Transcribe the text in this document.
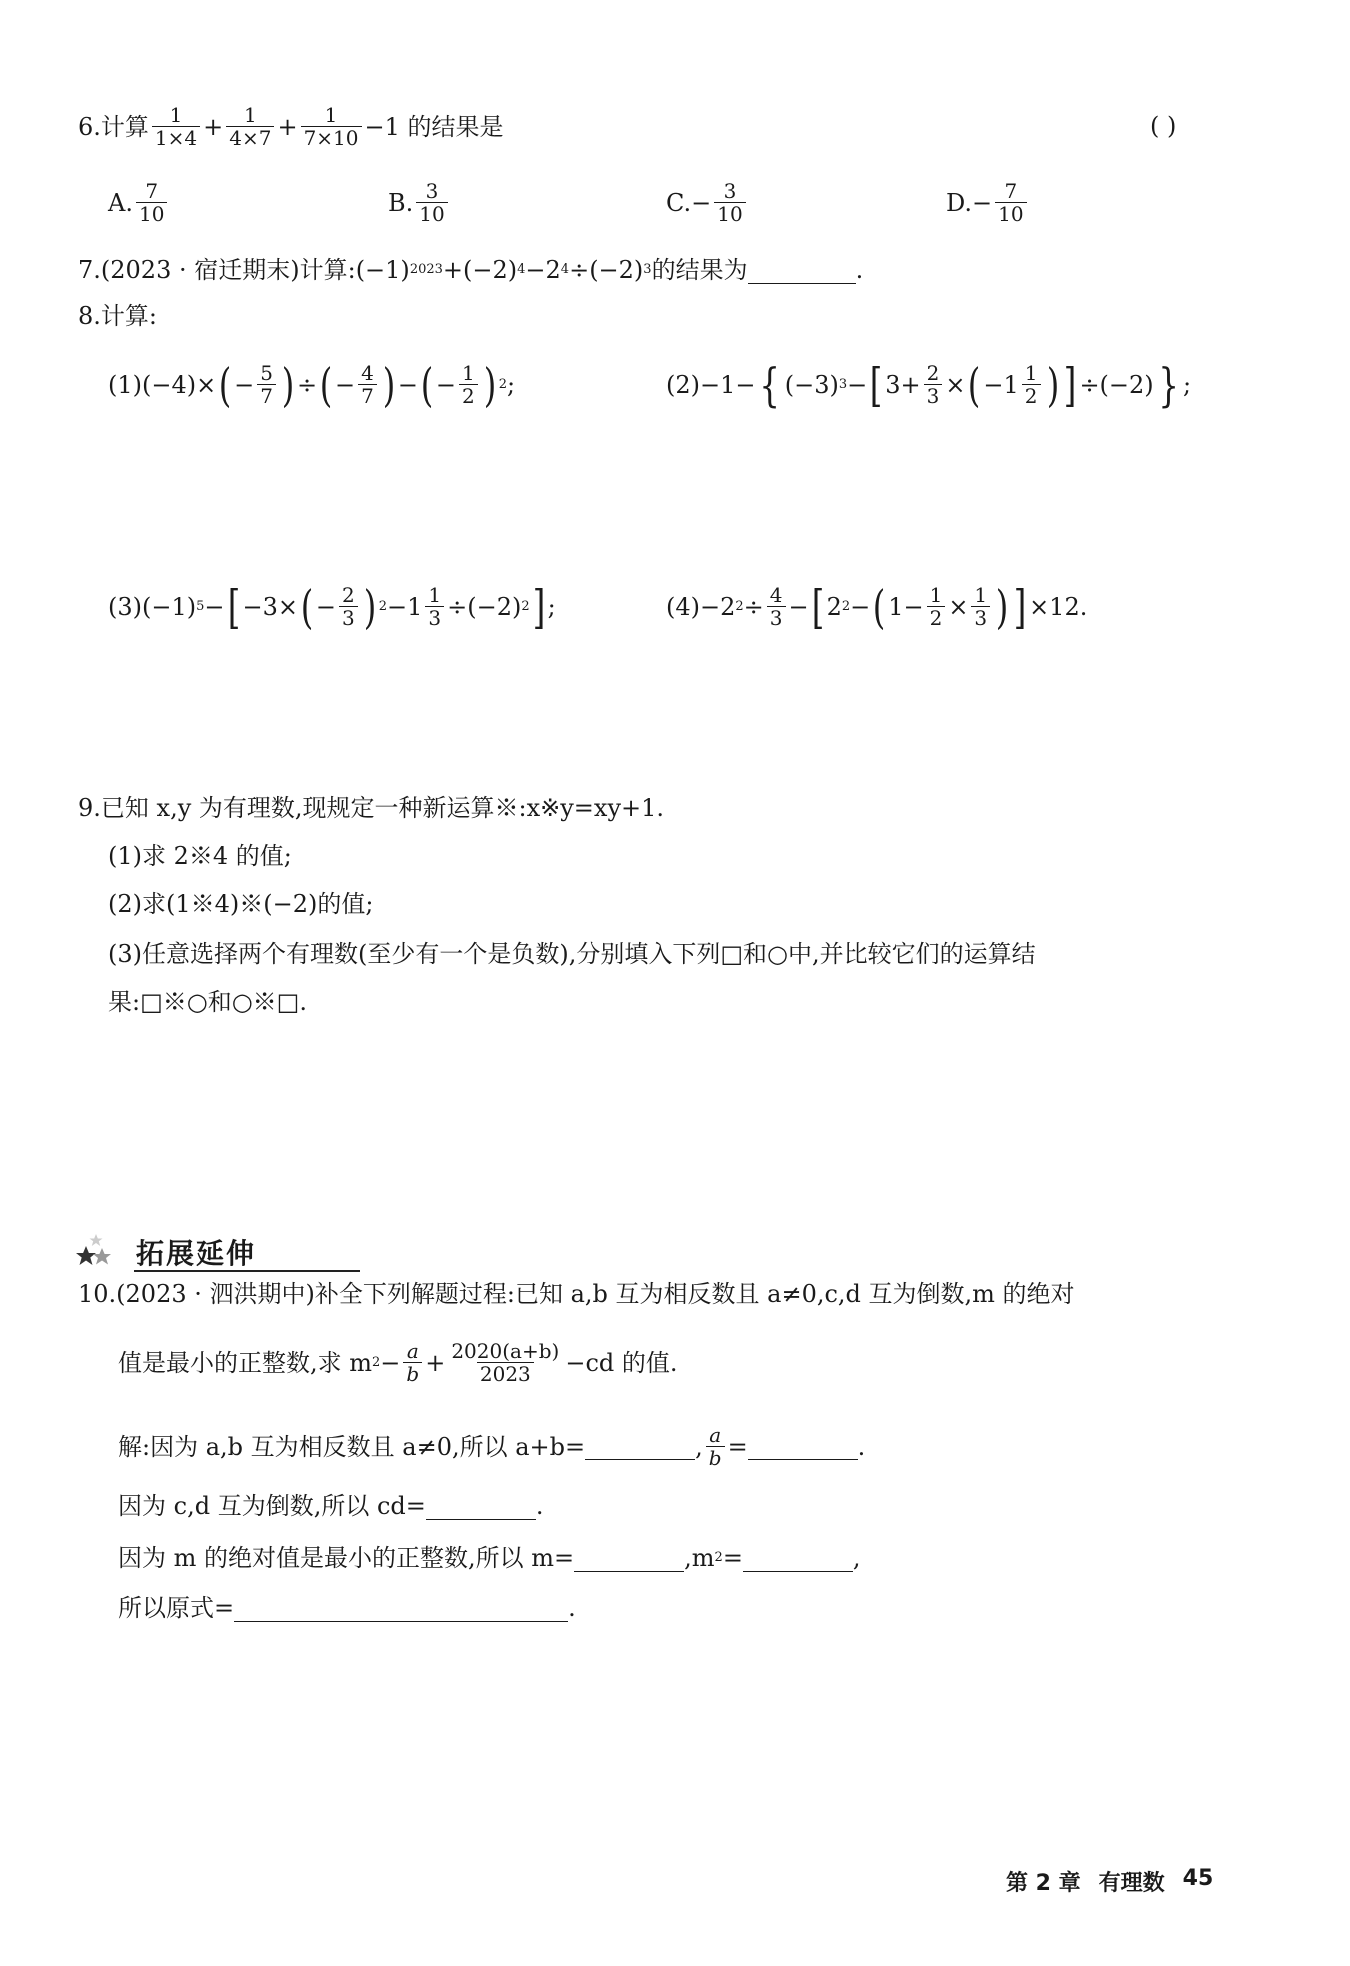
6. 计算 $\frac{1}{1\times 4} + \frac{1}{4\times 7} + \frac{1}{7\times 10} -1$ 的结果是	( )
A. $\frac{7}{10}$	B. $\frac{3}{10}$	C. − $\frac{3}{10}$	D. − $\frac{7}{10}$
7. (2023 · 宿迁期末) 计算:(−1) 2023 +(−2) 4 −2 4 ÷(−2) 3 的结果为	.
8. 计算:
(1)(−4)× ( − $\frac{5}{7}$ ) ÷ ( − $\frac{4}{7}$ ) − ( − $\frac{1}{2}$ ) 2 ;	(2)−1− { (−3) 3 − [ $3+ \frac{2}{3}$ × ( $-1 \frac{1}{2}$ ) ] ÷(−2) } ;
(3)(−1) 5 − [ −3× ( − $\frac{2}{3}$ ) $2 -1 \frac{1}{3} \div(-2)$ 2 ] ;	(4)−2 $2 \div \frac{4}{3}$ − [ 2 2 − ( $1- \frac{1}{2} \times \frac{1}{3}$ ) ] ×12.
9. 已知 x,y 为有理数,现规定一种新运算※:x※y=xy+1.
(1)求 2※4 的值;
(2)求(1※4)※(−2)的值;
(3)任意选择两个有理数(至少有一个是负数),分别填入下列□和○中,并比较它们的运算结
果:□※○和○※□.
拓展延伸
10. (2023 · 泗洪期中) 补全下列解题过程:已知 a,b 互为相反数且 a≠0,c,d 互为倒数,m 的绝对
值是最小的正整数,求 m $2 - \frac{a}{b} + \frac{2020(a+b)}{2023} -cd$ 的值.
解:因为 a,b 互为相反数且 a≠0,所以 a+b=	, $\frac{a}{b}$ =	.
因为 c,d 互为倒数,所以 cd=	.
因为 m 的绝对值是最小的正整数,所以 m=	,m 2 =	,
所以原式=	.
第 2 章 有理数 45
